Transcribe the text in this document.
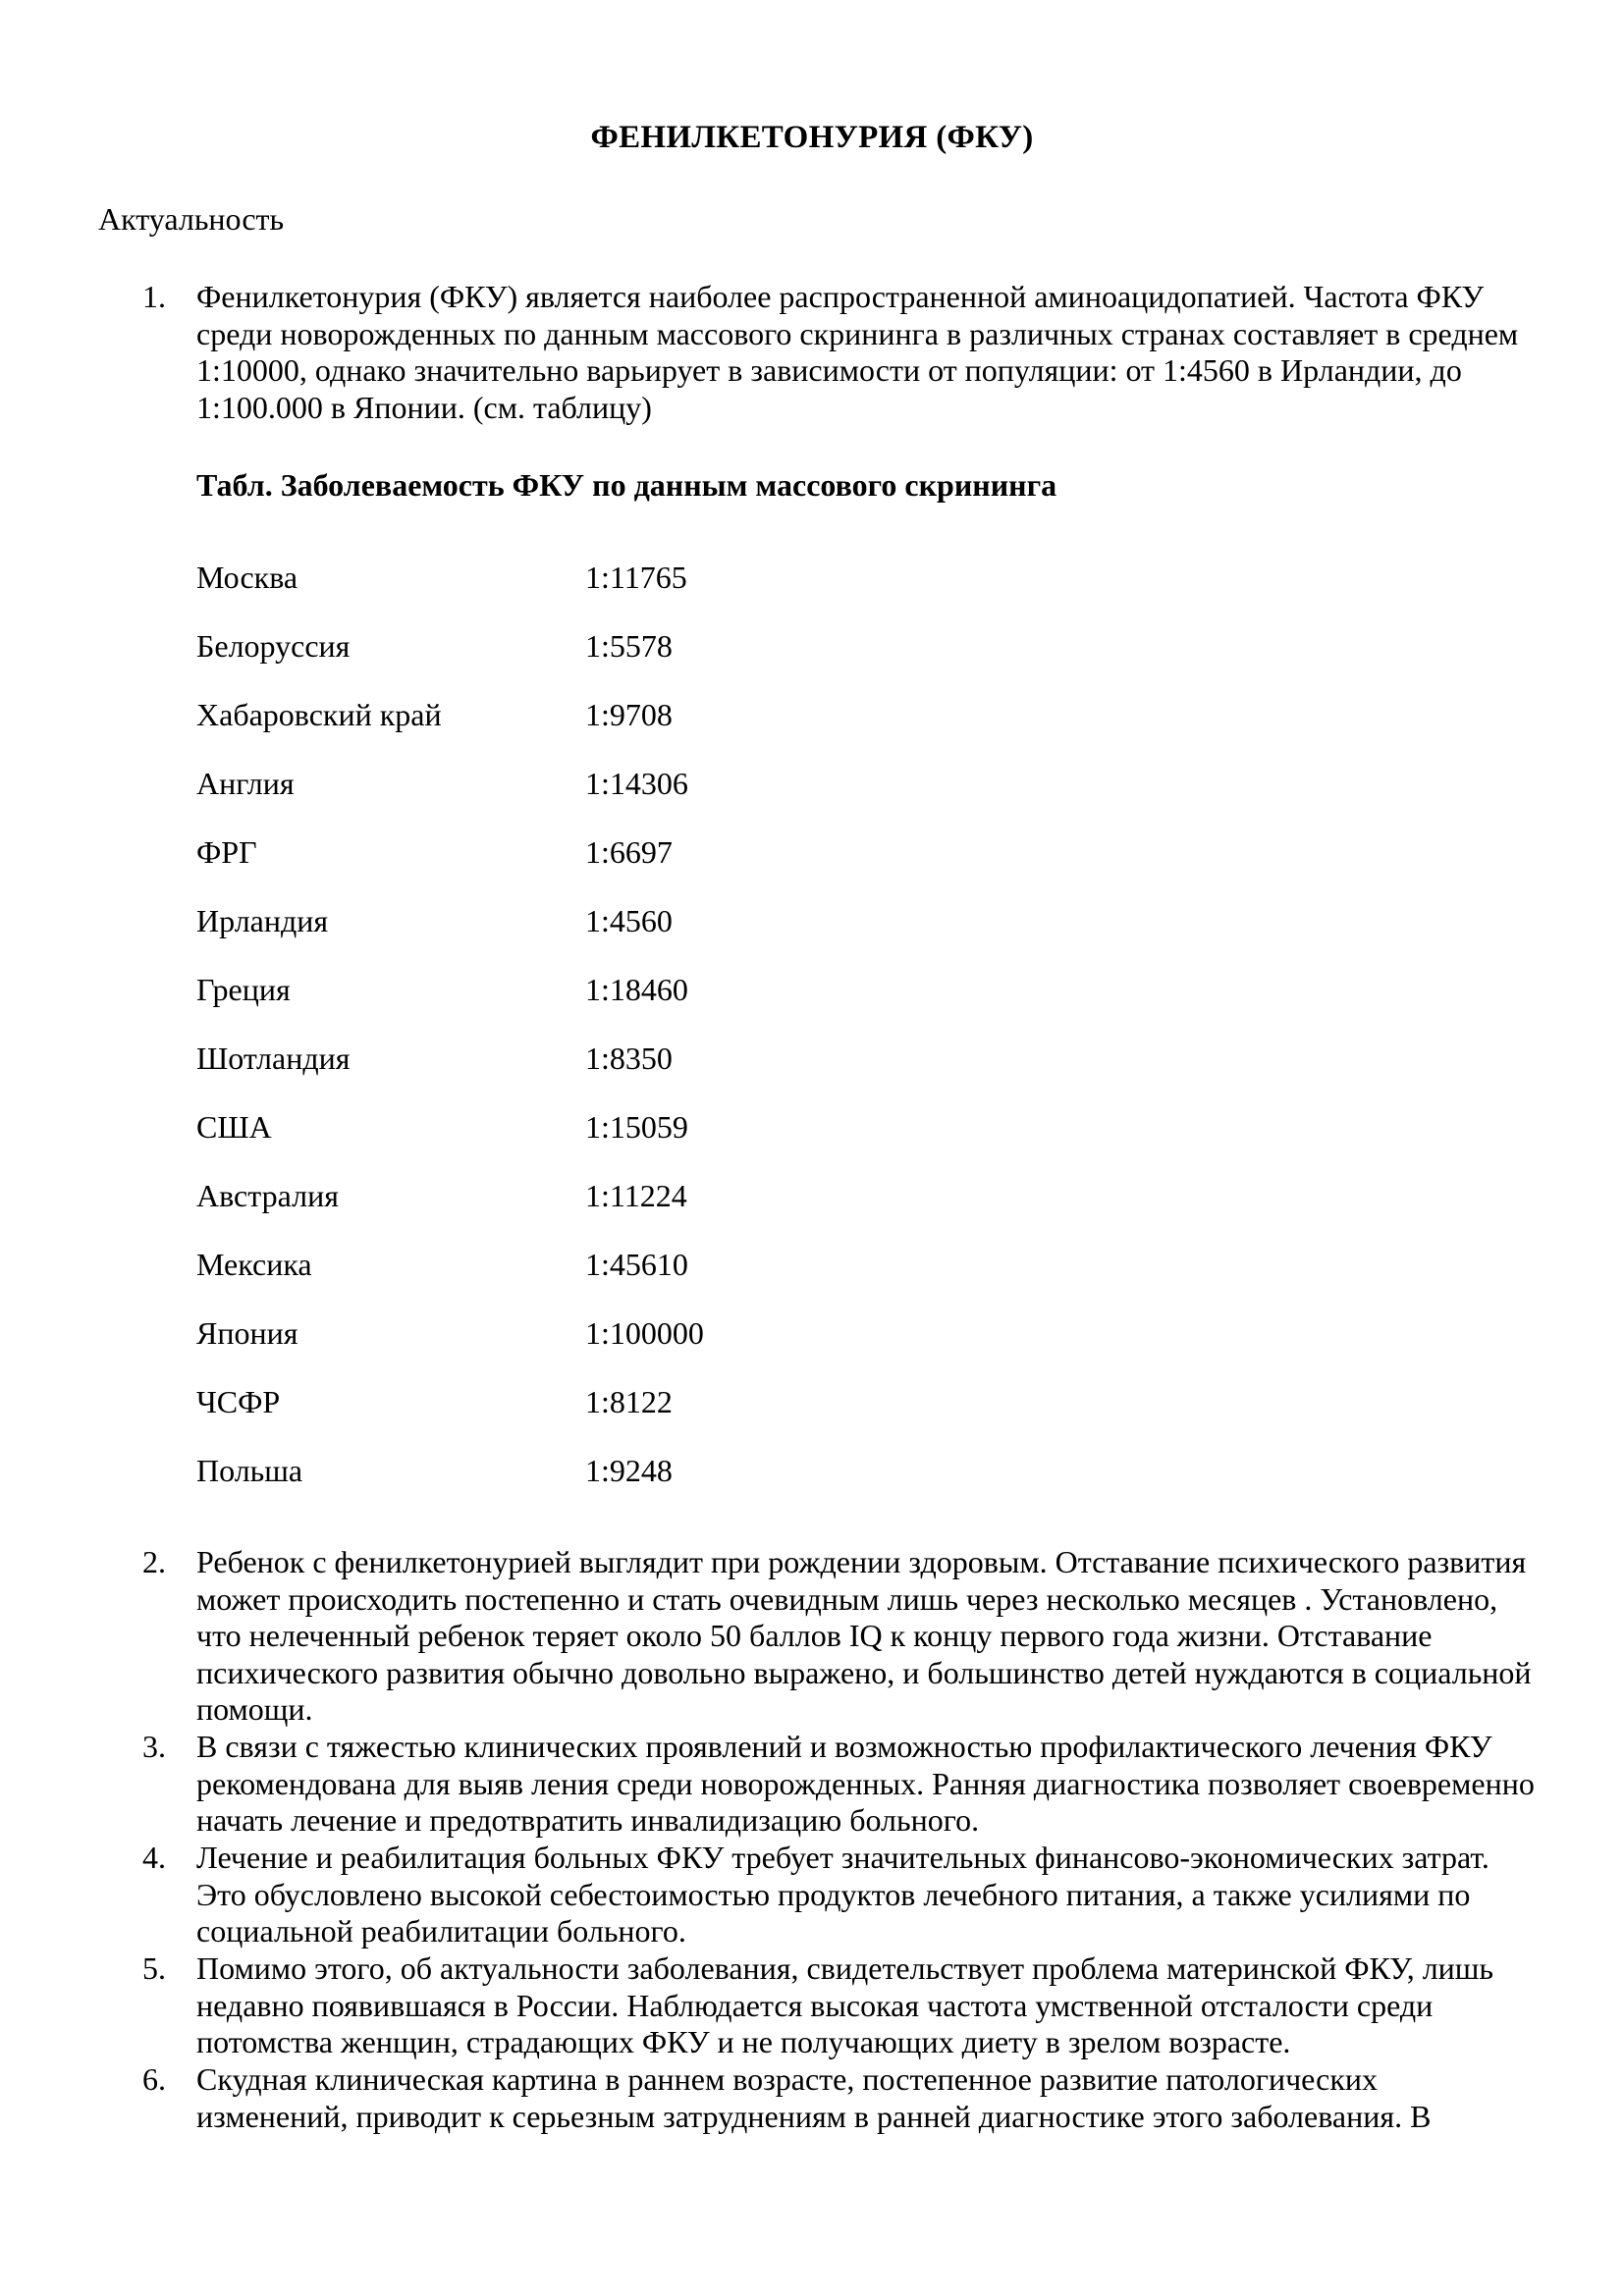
ФЕНИЛКЕТОНУРИЯ (ФКУ)
Актуальность
1. Фенилкетонурия (ФКУ) является наиболее распространенной аминоацидопатией. Частота ФКУ среди новорожденных по данным массового скрининга в различных странах составляет в среднем 1:10000, однако значительно варьирует в зависимости от популяции: от 1:4560 в Ирландии, до 1:100.000 в Японии. (см. таблицу)
Табл. Заболеваемость ФКУ по данным массового скрининга
Москва	1:11765
Белоруссия	1:5578
Хабаровский край	1:9708
Англия	1:14306
ФРГ	1:6697
Ирландия	1:4560
Греция	1:18460
Шотландия	1:8350
США	1:15059
Австралия	1:11224
Мексика	1:45610
Япония	1:100000
ЧСФР	1:8122
Польша	1:9248
2. Ребенок с фенилкетонурией выглядит при рождении здоровым. Отставание психического развития может происходить постепенно и стать очевидным лишь через несколько месяцев . Установлено, что нелеченный ребенок теряет около 50 баллов IQ к концу первого года жизни. Отставание психического развития обычно довольно выражено, и большинство детей нуждаются в социальной помощи.
3. В связи с тяжестью клинических проявлений и возможностью профилактического лечения ФКУ рекомендована для выяв ления среди новорожденных. Ранняя диагностика позволяет своевременно начать лечение и предотвратить инвалидизацию больного.
4. Лечение и реабилитация больных ФКУ требует значительных финансово-экономических затрат. Это обусловлено высокой себестоимостью продуктов лечебного питания, а также усилиями по социальной реабилитации больного.
5. Помимо этого, об актуальности заболевания, свидетельствует проблема материнской ФКУ, лишь недавно появившаяся в России. Наблюдается высокая частота умственной отсталости среди потомства женщин, страдающих ФКУ и не получающих диету в зрелом возрасте.
6. Скудная клиническая картина в раннем возрасте, постепенное развитие патологических изменений, приводит к серьезным затруднениям в ранней диагностике этого заболевания. В
